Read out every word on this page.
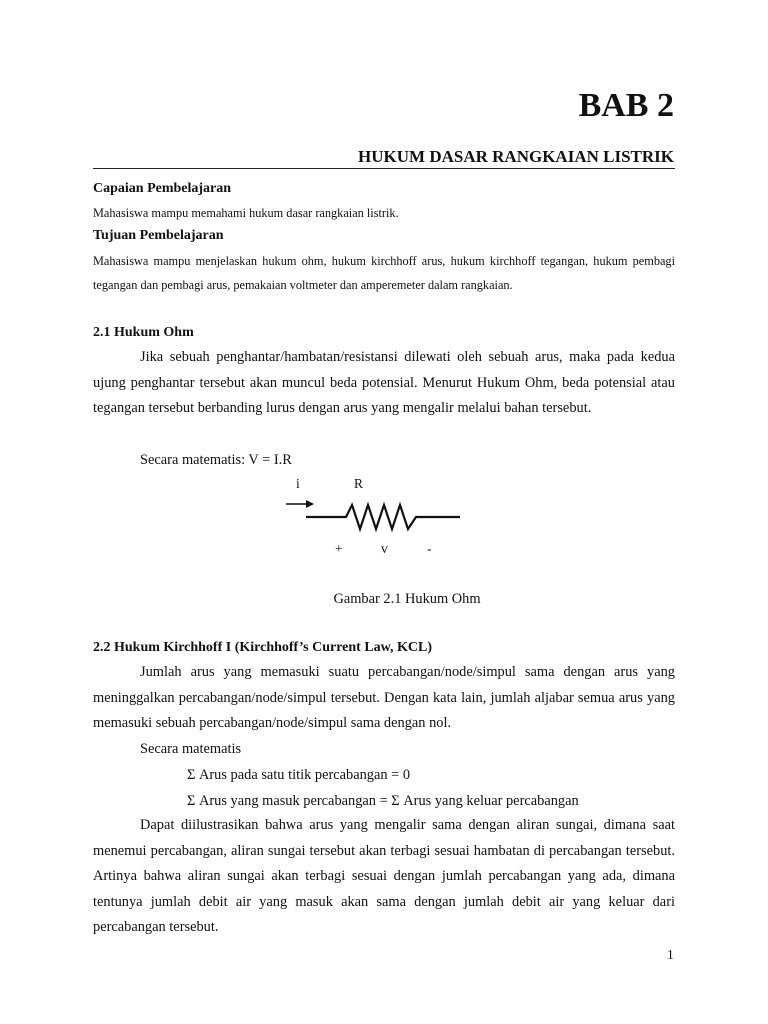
BAB 2
HUKUM DASAR RANGKAIAN LISTRIK
Capaian Pembelajaran

Mahasiswa mampu memahami hukum dasar rangkaian listrik.

Tujuan Pembelajaran

Mahasiswa mampu menjelaskan hukum ohm, hukum kirchhoff arus, hukum kirchhoff tegangan, hukum pembagi tegangan dan pembagi arus, pemakaian voltmeter dan amperemeter dalam rangkaian.

2.1 Hukum Ohm

Jika sebuah penghantar/hambatan/resistansi dilewati oleh sebuah arus, maka pada kedua ujung penghantar tersebut akan muncul beda potensial. Menurut Hukum Ohm, beda potensial atau tegangan tersebut berbanding lurus dengan arus yang mengalir melalui bahan tersebut.

Secara matematis: V = I.R
i	R
+	v	-
Gambar 2.1 Hukum Ohm
2.2 Hukum Kirchhoff I (Kirchhoff’s Current Law, KCL)

Jumlah arus yang memasuki suatu percabangan/node/simpul sama dengan arus yang meninggalkan percabangan/node/simpul tersebut. Dengan kata lain, jumlah aljabar semua arus yang memasuki sebuah percabangan/node/simpul sama dengan nol.

Secara matematis
Σ Arus pada satu titik percabangan = 0
Σ Arus yang masuk percabangan = Σ Arus yang keluar percabangan

Dapat diilustrasikan bahwa arus yang mengalir sama dengan aliran sungai, dimana saat menemui percabangan, aliran sungai tersebut akan terbagi sesuai hambatan di percabangan tersebut. Artinya bahwa aliran sungai akan terbagi sesuai dengan jumlah percabangan yang ada, dimana tentunya jumlah debit air yang masuk akan sama dengan jumlah debit air yang keluar dari percabangan tersebut.

1
